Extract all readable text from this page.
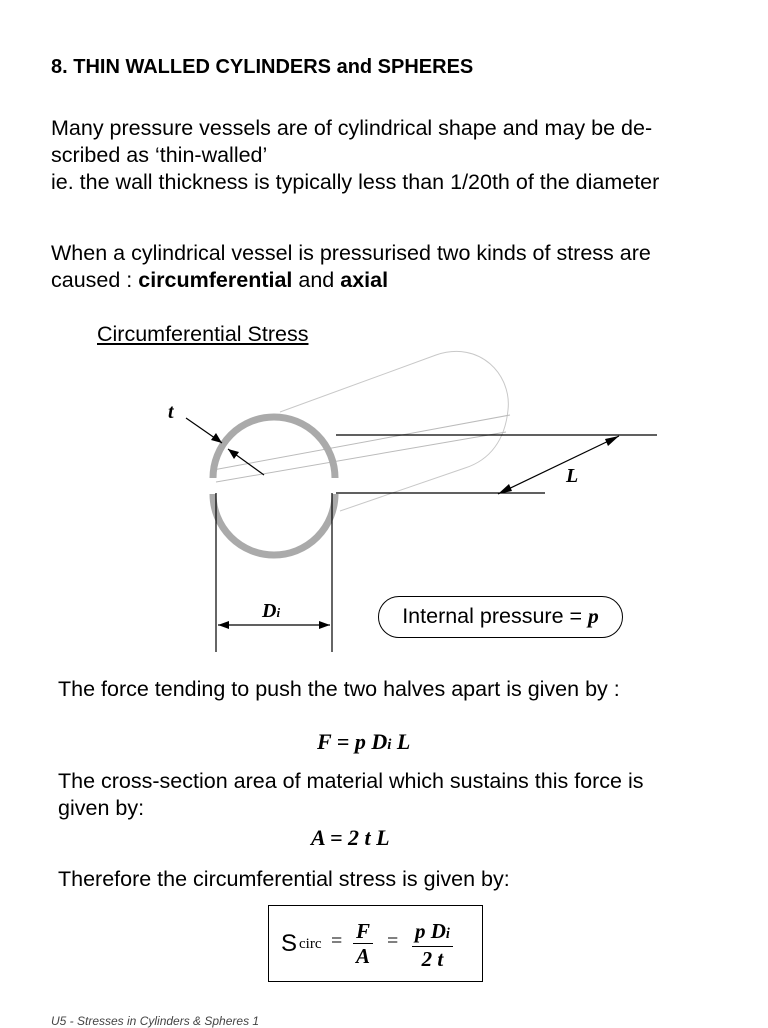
8. THIN WALLED CYLINDERS and SPHERES
Many pressure vessels are of cylindrical shape and may be de-
scribed as ‘thin-walled’
ie. the wall thickness is typically less than 1/20th of the diameter
When a cylindrical vessel is pressurised two kinds of stress are
caused : circumferential and axial
Circumferential Stress
t
L
Di	Internal pressure = p
The force tending to push the two halves apart is given by :
F = p Di L
The cross-section area of material which sustains this force is
given by:
A = 2 t L
Therefore the circumferential stress is given by:
S circ = $\frac{F}{A} = \frac{\text{p Di}}{2 t}$
U5 - Stresses in Cylinders & Spheres 1
